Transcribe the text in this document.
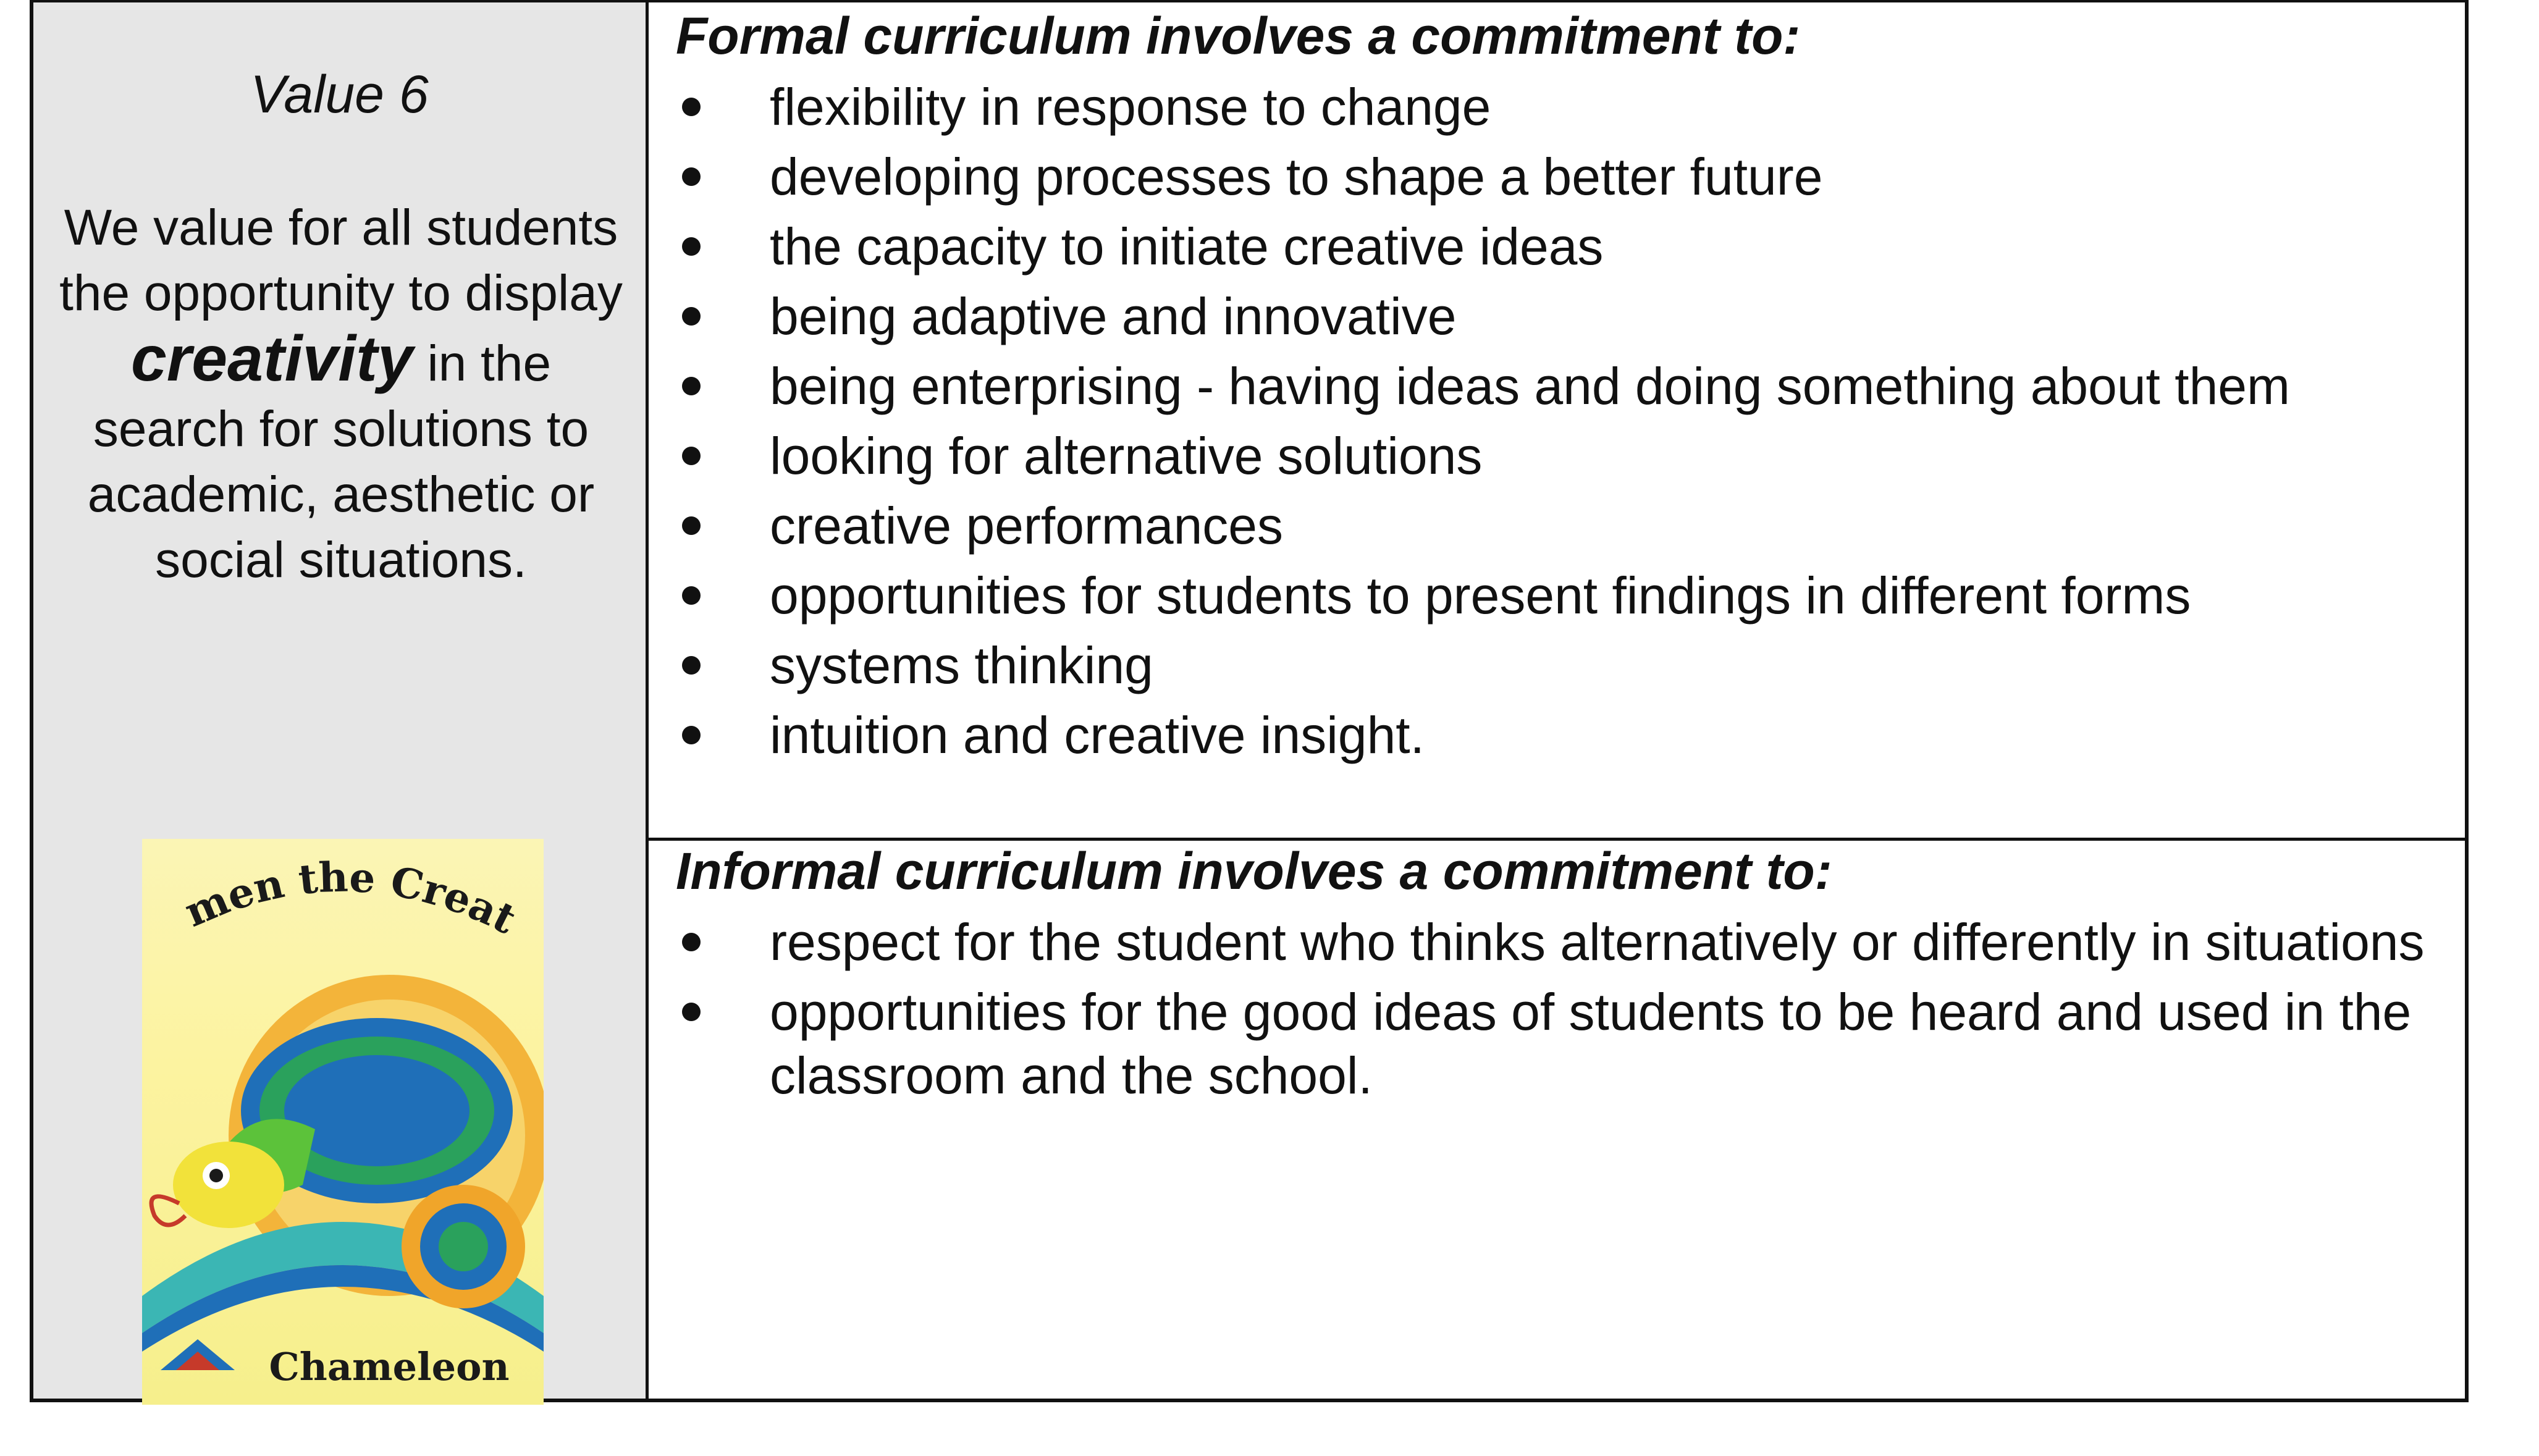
Value 6

We value for all students the opportunity to display creativity in the search for solutions to academic, aesthetic or social situations.

men the Creat
Chameleon

Formal curriculum involves a commitment to:

flexibility in response to change
developing processes to shape a better future
the capacity to initiate creative ideas
being adaptive and innovative
being enterprising - having ideas and doing something about them
looking for alternative solutions
creative performances
opportunities for students to present findings in different forms
systems thinking
intuition and creative insight.

Informal curriculum involves a commitment to:

respect for the student who thinks alternatively or differently in situations
opportunities for the good ideas of students to be heard and used in the classroom and the school.
